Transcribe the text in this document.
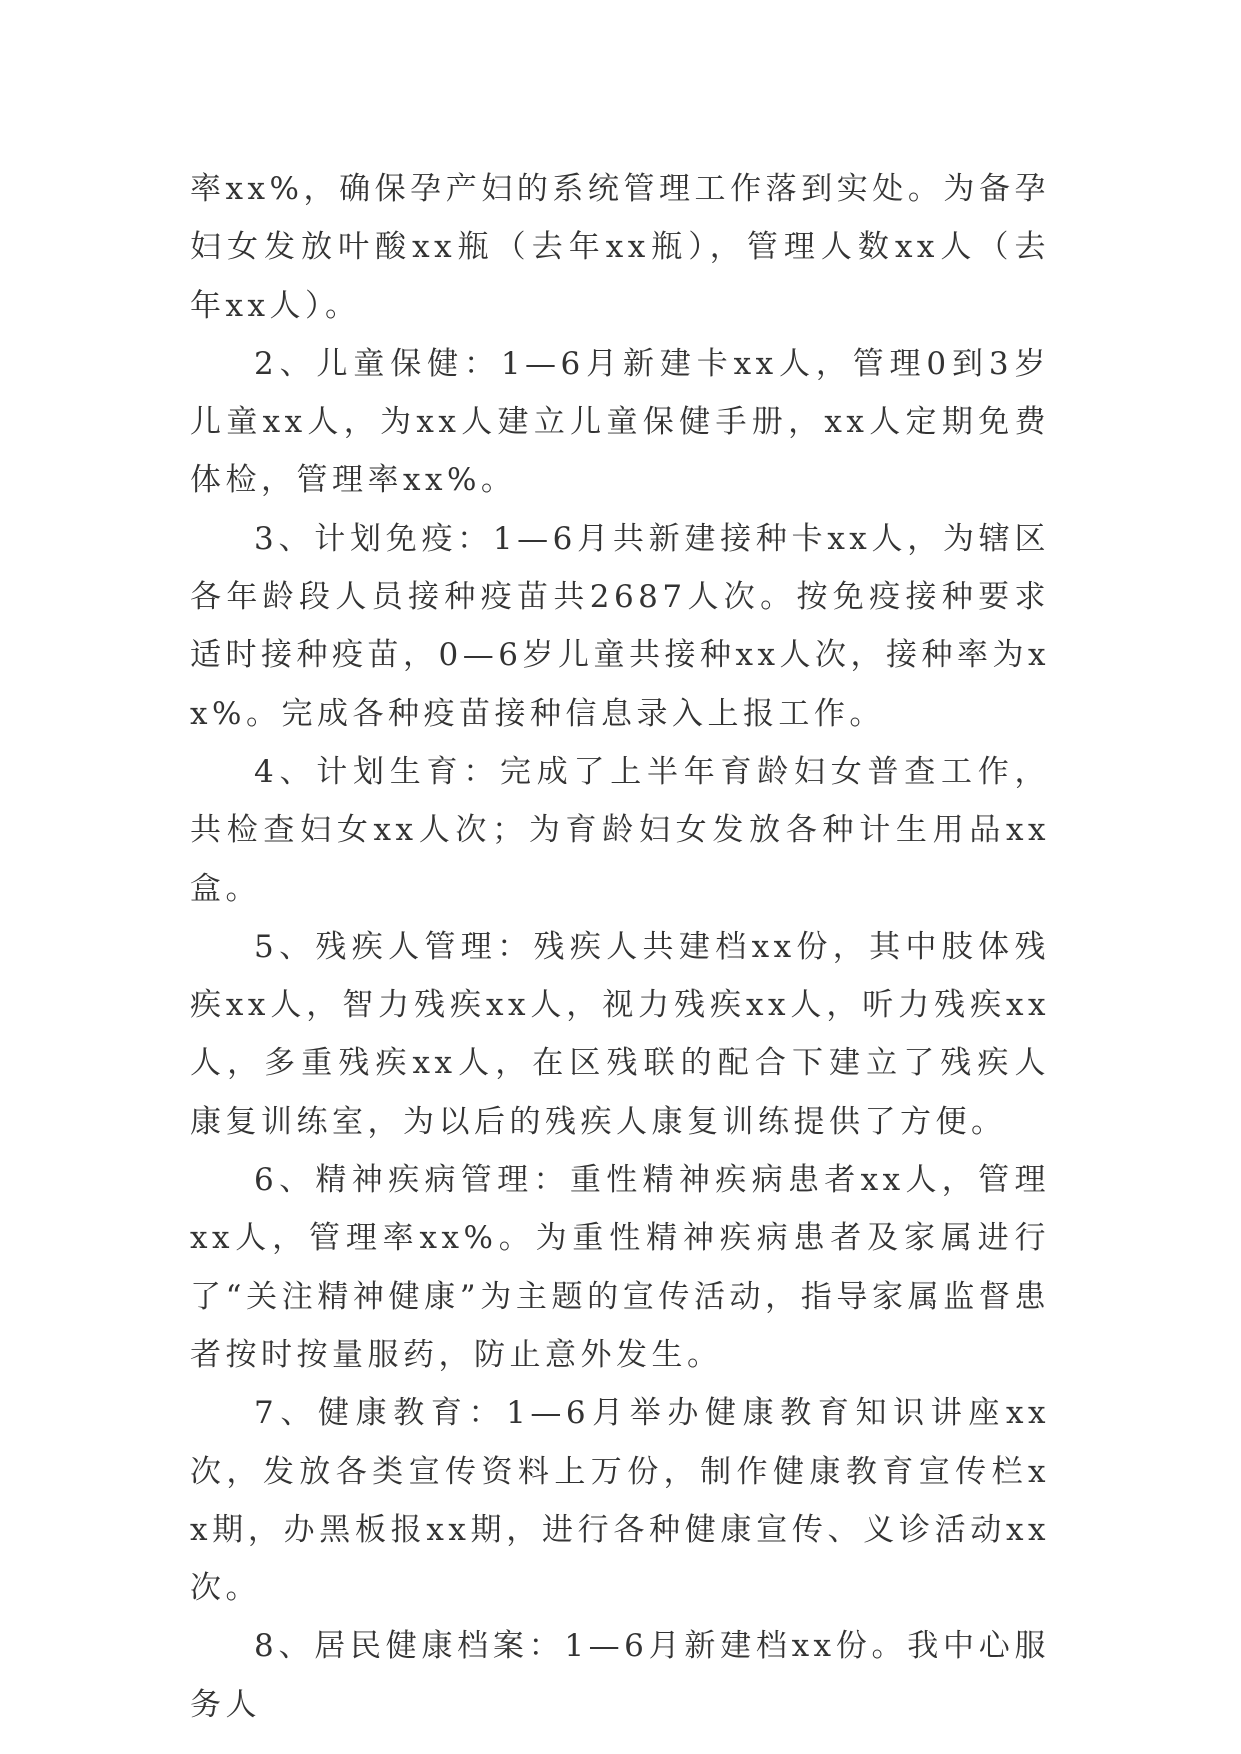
率xx%，确保孕产妇的系统管理工作落到实处。为备孕妇女发放叶酸xx瓶（去年xx瓶），管理人数xx人（去年xx人）。

2、儿童保健：1—6月新建卡xx人，管理0到3岁儿童xx人，为xx人建立儿童保健手册，xx人定期免费体检，管理率xx%。

3、计划免疫：1—6月共新建接种卡xx人，为辖区各年龄段人员接种疫苗共2687人次。按免疫接种要求适时接种疫苗，0—6岁儿童共接种xx人次，接种率为xx%。完成各种疫苗接种信息录入上报工作。

4、计划生育：完成了上半年育龄妇女普查工作，共检查妇女xx人次；为育龄妇女发放各种计生用品xx盒。

5、残疾人管理：残疾人共建档xx份，其中肢体残疾xx人，智力残疾xx人，视力残疾xx人，听力残疾xx人，多重残疾xx人，在区残联的配合下建立了残疾人康复训练室，为以后的残疾人康复训练提供了方便。

6、精神疾病管理：重性精神疾病患者xx人，管理xx人，管理率xx%。为重性精神疾病患者及家属进行了“关注精神健康”为主题的宣传活动，指导家属监督患者按时按量服药，防止意外发生。

7、健康教育：1—6月举办健康教育知识讲座xx次，发放各类宣传资料上万份，制作健康教育宣传栏xx期，办黑板报xx期，进行各种健康宣传、义诊活动xx次。

8、居民健康档案：1—6月新建档xx份。我中心服务人
